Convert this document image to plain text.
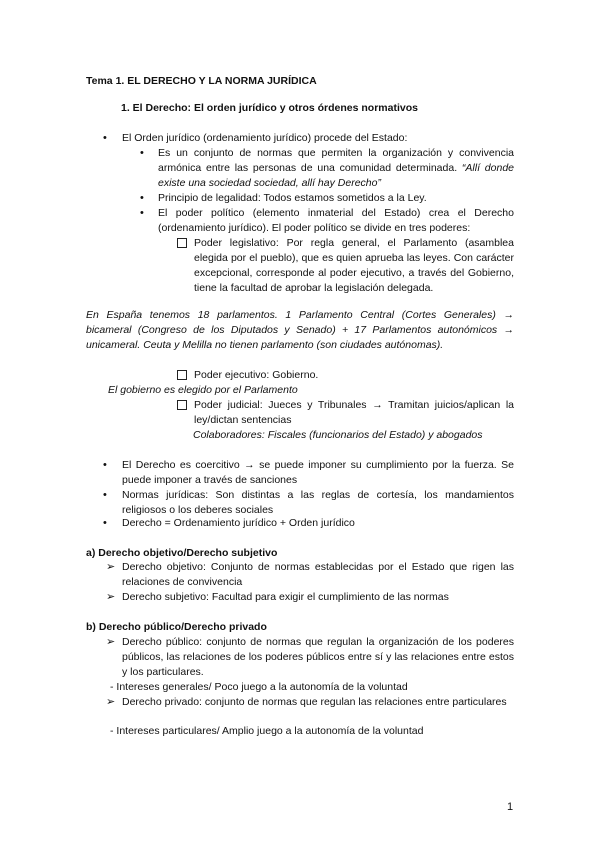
Tema 1. EL DERECHO Y LA NORMA JURÍDICA

1. El Derecho: El orden jurídico y otros órdenes normativos

• El Orden jurídico (ordenamiento jurídico) procede del Estado:

• Es un conjunto de normas que permiten la organización y convivencia armónica entre las personas de una comunidad determinada. “Allí donde existe una sociedad sociedad, allí hay Derecho”

• Principio de legalidad: Todos estamos sometidos a la Ley.

• El poder político (elemento inmaterial del Estado) crea el Derecho (ordenamiento jurídico). El poder político se divide en tres poderes:

Poder legislativo: Por regla general, el Parlamento (asamblea elegida por el pueblo), que es quien aprueba las leyes. Con carácter excepcional, corresponde al poder ejecutivo, a través del Gobierno, tiene la facultad de aprobar la legislación delegada.

En España tenemos 18 parlamentos. 1 Parlamento Central (Cortes Generales) → bicameral (Congreso de los Diputados y Senado) + 17 Parlamentos autonómicos → unicameral. Ceuta y Melilla no tienen parlamento (son ciudades autónomas).

Poder ejecutivo: Gobierno.

El gobierno es elegido por el Parlamento

Poder judicial: Jueces y Tribunales → Tramitan juicios/aplican la ley/dictan sentencias

Colaboradores: Fiscales (funcionarios del Estado) y abogados

• El Derecho es coercitivo → se puede imponer su cumplimiento por la fuerza. Se puede imponer a través de sanciones

• Normas jurídicas: Son distintas a las reglas de cortesía, los mandamientos religiosos o los deberes sociales

• Derecho = Ordenamiento jurídico + Orden jurídico

a) Derecho objetivo/Derecho subjetivo

➢ Derecho objetivo: Conjunto de normas establecidas por el Estado que rigen las relaciones de convivencia

➢ Derecho subjetivo: Facultad para exigir el cumplimiento de las normas

b) Derecho público/Derecho privado

➢ Derecho público: conjunto de normas que regulan la organización de los poderes públicos, las relaciones de los poderes públicos entre sí y las relaciones entre estos y los particulares.

- Intereses generales/ Poco juego a la autonomía de la voluntad

➢ Derecho privado: conjunto de normas que regulan las relaciones entre particulares

- Intereses particulares/ Amplio juego a la autonomía de la voluntad

1
